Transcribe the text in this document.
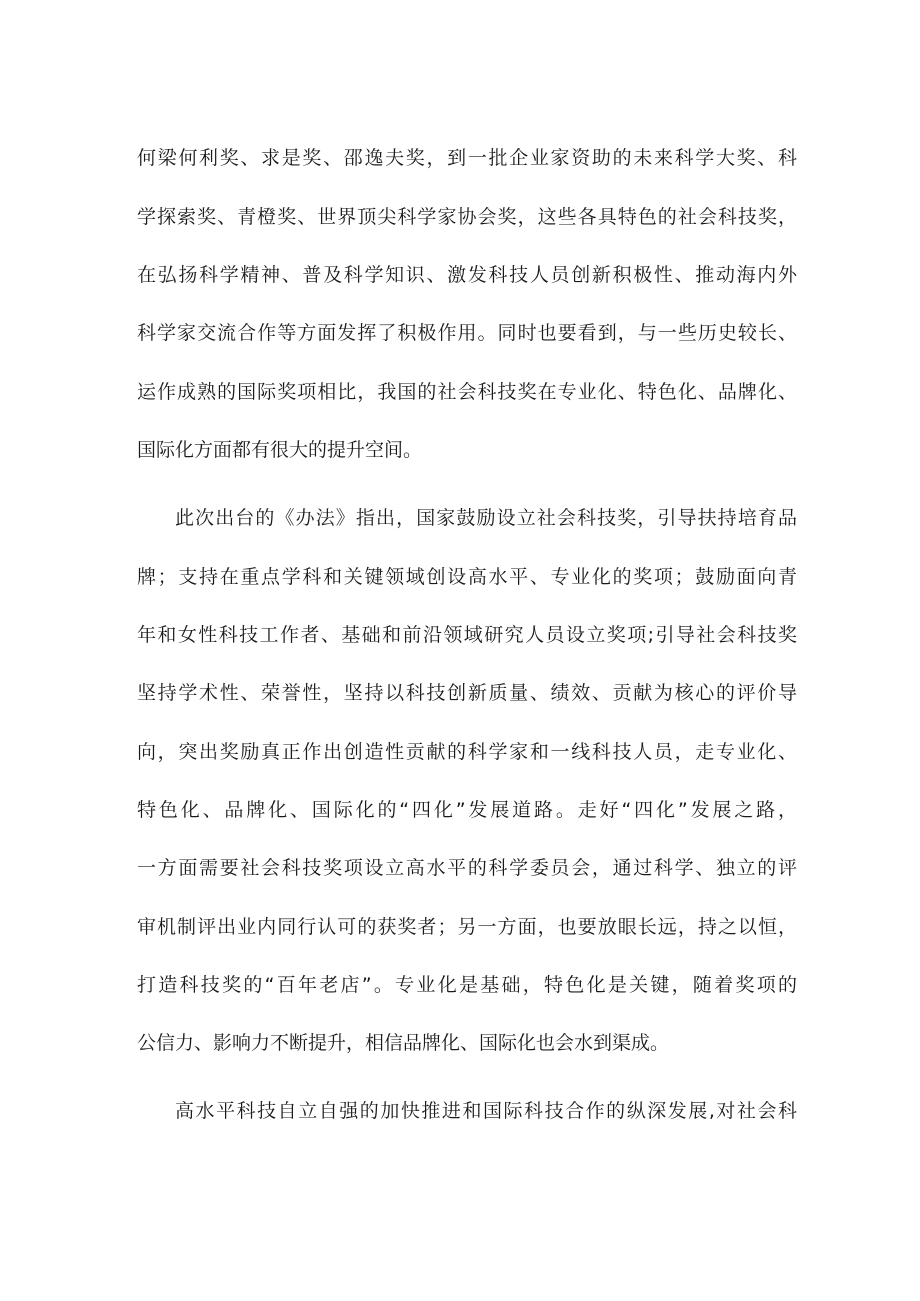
何梁何利奖、求是奖、邵逸夫奖，到一批企业家资助的未来科学大奖、科
学探索奖、青橙奖、世界顶尖科学家协会奖，这些各具特色的社会科技奖，
在弘扬科学精神、普及科学知识、激发科技人员创新积极性、推动海内外
科学家交流合作等方面发挥了积极作用。同时也要看到，与一些历史较长、
运作成熟的国际奖项相比，我国的社会科技奖在专业化、特色化、品牌化、
国际化方面都有很大的提升空间。
此次出台的《办法》指出，国家鼓励设立社会科技奖，引导扶持培育品
牌；支持在重点学科和关键领域创设高水平、专业化的奖项；鼓励面向青
年和女性科技工作者、基础和前沿领域研究人员设立奖项;引导社会科技奖
坚持学术性、荣誉性，坚持以科技创新质量、绩效、贡献为核心的评价导
向，突出奖励真正作出创造性贡献的科学家和一线科技人员，走专业化、
特色化、品牌化、国际化的“四化”发展道路。走好“四化”发展之路，
一方面需要社会科技奖项设立高水平的科学委员会，通过科学、独立的评
审机制评出业内同行认可的获奖者；另一方面，也要放眼长远，持之以恒，
打造科技奖的“百年老店”。专业化是基础，特色化是关键，随着奖项的
公信力、影响力不断提升，相信品牌化、国际化也会水到渠成。
高水平科技自立自强的加快推进和国际科技合作的纵深发展,对社会科
